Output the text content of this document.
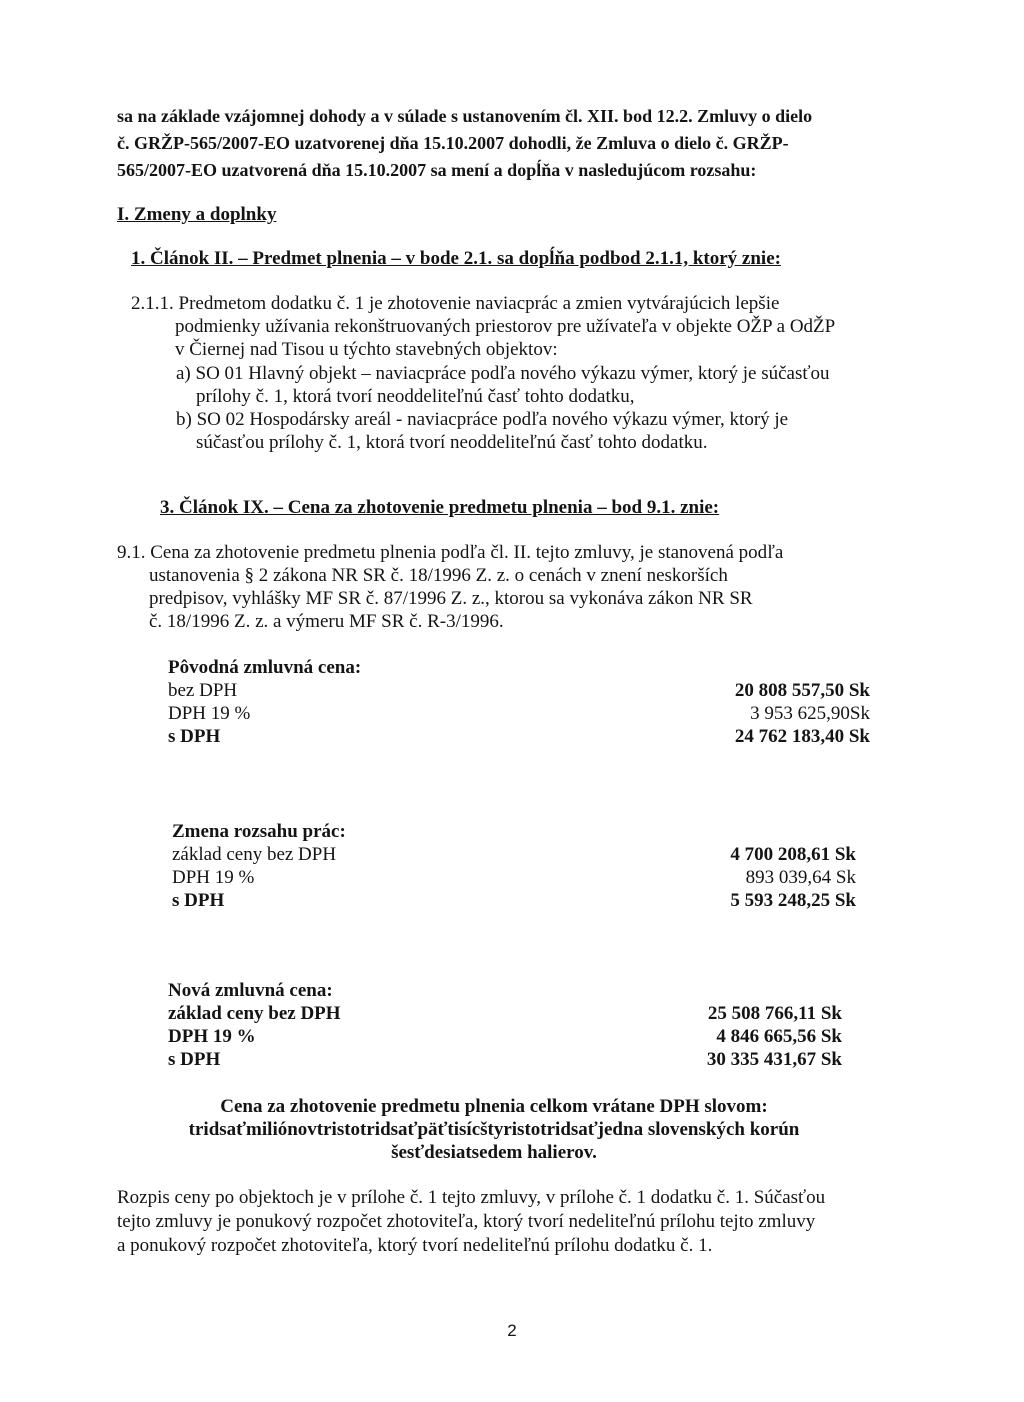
sa na základe vzájomnej dohody a v súlade s ustanovením čl. XII. bod 12.2. Zmluvy o dielo

č. GRŽP-565/2007-EO uzatvorenej dňa 15.10.2007 dohodli, že Zmluva o dielo č. GRŽP-

565/2007-EO uzatvorená dňa 15.10.2007 sa mení a dopĺňa v nasledujúcom rozsahu:

I. Zmeny a doplnky
1. Článok II. – Predmet plnenia – v bode 2.1. sa dopĺňa podbod 2.1.1, ktorý znie:

2.1.1. Predmetom dodatku č. 1 je zhotovenie naviacprác a zmien vytvárajúcich lepšie

podmienky užívania rekonštruovaných priestorov pre užívateľa v objekte OŽP a OdŽP

v Čiernej nad Tisou u týchto stavebných objektov:

a) SO 01 Hlavný objekt – naviacpráce podľa nového výkazu výmer, ktorý je súčasťou

prílohy č. 1, ktorá tvorí neoddeliteľnú časť tohto dodatku,

b) SO 02 Hospodársky areál - naviacpráce podľa nového výkazu výmer, ktorý je

súčasťou prílohy č. 1, ktorá tvorí neoddeliteľnú časť tohto dodatku.

3. Článok IX. – Cena za zhotovenie predmetu plnenia – bod 9.1. znie:

9.1. Cena za zhotovenie predmetu plnenia podľa čl. II. tejto zmluvy, je stanovená podľa

ustanovenia § 2 zákona NR SR č. 18/1996 Z. z. o cenách v znení neskorších

predpisov, vyhlášky MF SR č. 87/1996 Z. z., ktorou sa vykonáva zákon NR SR

č. 18/1996 Z. z. a výmeru MF SR č. R-3/1996.

Pôvodná zmluvná cena:
bez DPH	20 808 557,50 Sk
DPH 19 %	3 953 625,90Sk
s DPH	24 762 183,40 Sk
Zmena rozsahu prác:
základ ceny bez DPH	4 700 208,61 Sk
DPH 19 %	893 039,64 Sk
s DPH	5 593 248,25 Sk
Nová zmluvná cena:
základ ceny bez DPH	25 508 766,11 Sk
DPH 19 %	4 846 665,56 Sk
s DPH	30 335 431,67 Sk

Cena za zhotovenie predmetu plnenia celkom vrátane DPH slovom:

tridsaťmiliónovtristotridsaťpäťtisícštyristotridsaťjedna slovenských korún

šesťdesiatsedem halierov.

Rozpis ceny po objektoch je v prílohe č. 1 tejto zmluvy, v prílohe č. 1 dodatku č. 1. Súčasťou
tejto zmluvy je ponukový rozpočet zhotoviteľa, ktorý tvorí nedeliteľnú prílohu tejto zmluvy
a ponukový rozpočet zhotoviteľa, ktorý tvorí nedeliteľnú prílohu dodatku č. 1.
2
